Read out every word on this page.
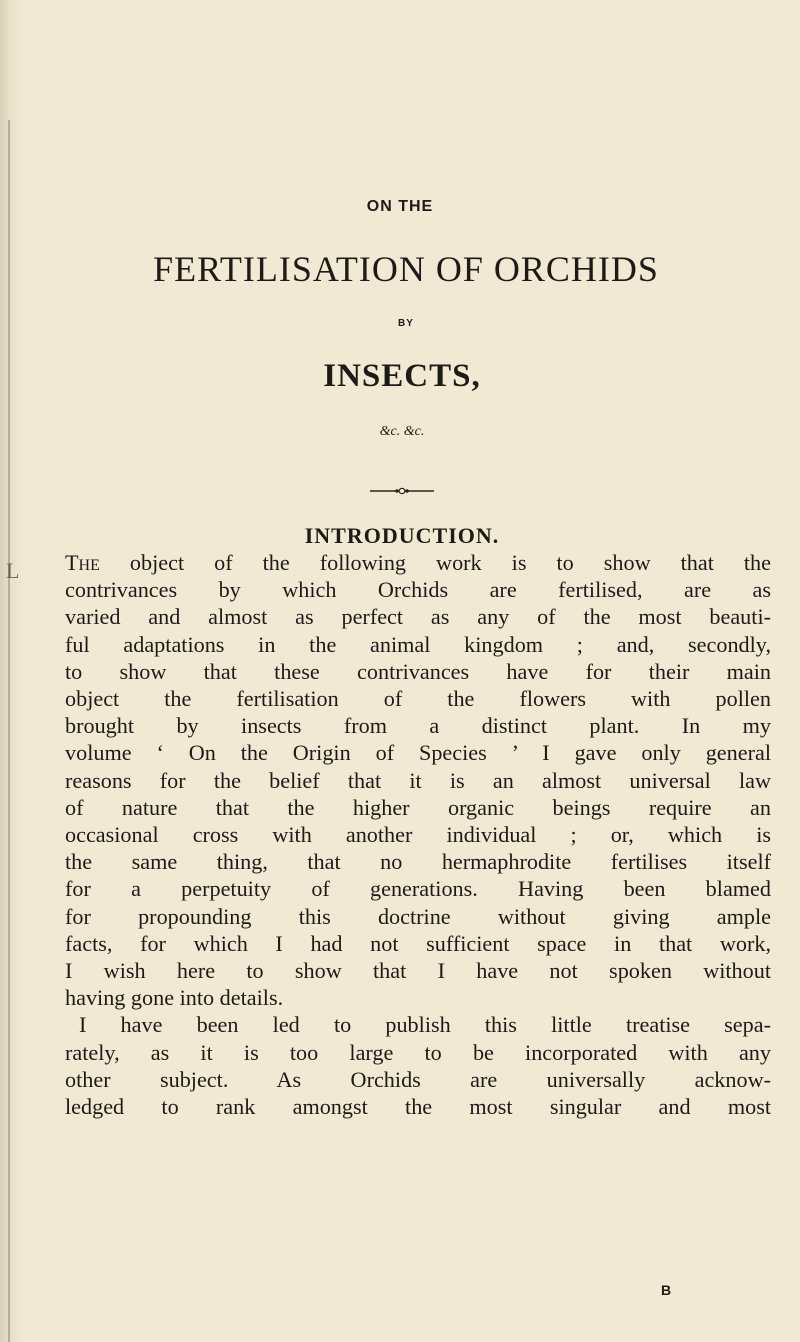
L
ON THE
FERTILISATION OF ORCHIDS
BY
INSECTS,
&c. &c.
INTRODUCTION.

The object of the following work is to show that the

contrivances by which Orchids are fertilised, are as

varied and almost as perfect as any of the most beauti-

ful adaptations in the animal kingdom ; and, secondly,

to show that these contrivances have for their main

object the fertilisation of the flowers with pollen

brought by insects from a distinct plant. In my

volume ‘ On the Origin of Species ’ I gave only general

reasons for the belief that it is an almost universal law

of nature that the higher organic beings require an

occasional cross with another individual ; or, which is

the same thing, that no hermaphrodite fertilises itself

for a perpetuity of generations. Having been blamed

for propounding this doctrine without giving ample

facts, for which I had not sufficient space in that work,

I wish here to show that I have not spoken without

having gone into details.

I have been led to publish this little treatise sepa-

rately, as it is too large to be incorporated with any

other subject. As Orchids are universally acknow-

ledged to rank amongst the most singular and most

B
